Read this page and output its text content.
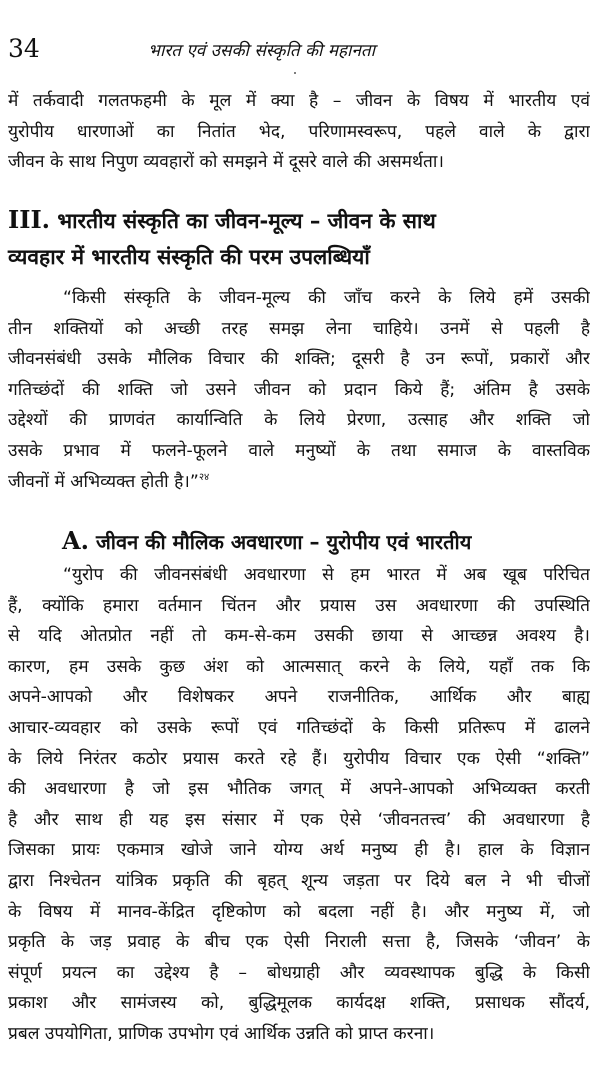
34	भारत एवं उसकी संस्कृति की महानता
में तर्कवादी गलतफहमी के मूल में क्या है – जीवन के विषय में भारतीय एवं
युरोपीय धारणाओं का नितांत भेद, परिणामस्वरूप, पहले वाले के द्वारा
जीवन के साथ निपुण व्यवहारों को समझने में दूसरे वाले की असमर्थता।
III. भारतीय संस्कृति का जीवन-मूल्य – जीवन के साथ
व्यवहार में भारतीय संस्कृति की परम उपलब्धियाँ
“किसी संस्कृति के जीवन-मूल्य की जाँच करने के लिये हमें उसकी
तीन शक्तियों को अच्छी तरह समझ लेना चाहिये। उनमें से पहली है
जीवनसंबंधी उसके मौलिक विचार की शक्ति; दूसरी है उन रूपों, प्रकारों और
गतिच्छंदों की शक्ति जो उसने जीवन को प्रदान किये हैं; अंतिम है उसके
उद्देश्यों की प्राणवंत कार्यान्विति के लिये प्रेरणा, उत्साह और शक्ति जो
उसके प्रभाव में फलने-फूलने वाले मनुष्यों के तथा समाज के वास्तविक
जीवनों में अभिव्यक्त होती है।”$^{२४}$
A. जीवन की मौलिक अवधारणा – युरोपीय एवं भारतीय
“युरोप की जीवनसंबंधी अवधारणा से हम भारत में अब खूब परिचित
हैं, क्योंकि हमारा वर्तमान चिंतन और प्रयास उस अवधारणा की उपस्थिति
से यदि ओतप्रोत नहीं तो कम-से-कम उसकी छाया से आच्छन्न अवश्य है।
कारण, हम उसके कुछ अंश को आत्मसात् करने के लिये, यहाँ तक कि
अपने-आपको और विशेषकर अपने राजनीतिक, आर्थिक और बाह्य
आचार-व्यवहार को उसके रूपों एवं गतिच्छंदों के किसी प्रतिरूप में ढालने
के लिये निरंतर कठोर प्रयास करते रहे हैं। युरोपीय विचार एक ऐसी “शक्ति”
की अवधारणा है जो इस भौतिक जगत् में अपने-आपको अभिव्यक्त करती
है और साथ ही यह इस संसार में एक ऐसे ‘जीवनतत्त्व’ की अवधारणा है
जिसका प्रायः एकमात्र खोजे जाने योग्य अर्थ मनुष्य ही है। हाल के विज्ञान
द्वारा निश्चेतन यांत्रिक प्रकृति की बृहत् शून्य जड़ता पर दिये बल ने भी चीजों
के विषय में मानव-केंद्रित दृष्टिकोण को बदला नहीं है। और मनुष्य में, जो
प्रकृति के जड़ प्रवाह के बीच एक ऐसी निराली सत्ता है, जिसके ‘जीवन’ के
संपूर्ण प्रयत्न का उद्देश्य है – बोधग्राही और व्यवस्थापक बुद्धि के किसी
प्रकाश और सामंजस्य को, बुद्धिमूलक कार्यदक्ष शक्ति, प्रसाधक सौंदर्य,
प्रबल उपयोगिता, प्राणिक उपभोग एवं आर्थिक उन्नति को प्राप्त करना।
